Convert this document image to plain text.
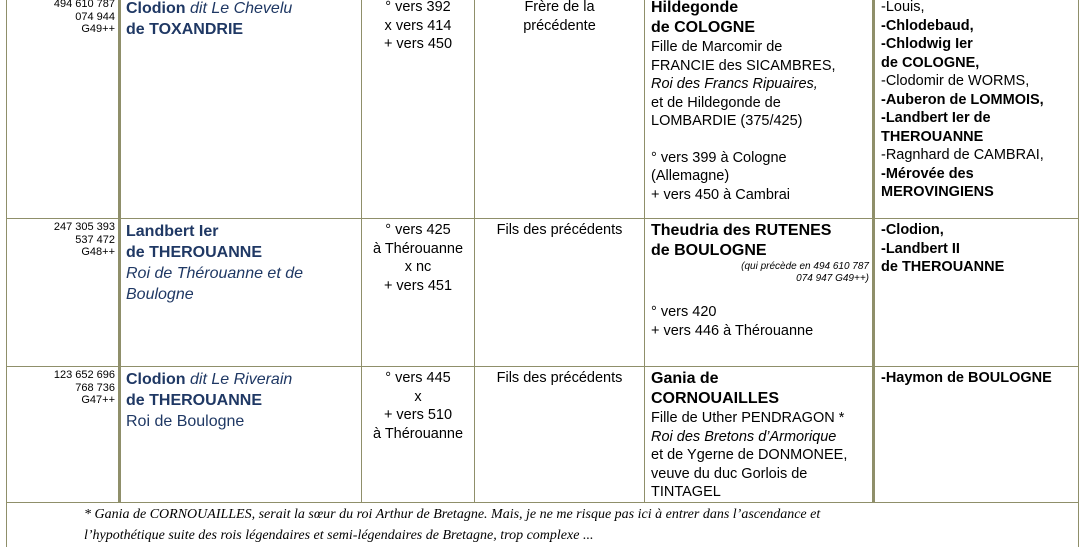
494 610 787
074 944
G49++
Clodion dit Le Chevelu
de TOXANDRIE
° vers 392
x vers 414
+ vers 450
Frère de la
précédente
Hildegonde
de COLOGNE
Fille de Marcomir de
FRANCIE des SICAMBRES,
Roi des Francs Ripuaires,
et de Hildegonde de
LOMBARDIE (375/425)
° vers 399 à Cologne
(Allemagne)
+ vers 450 à Cambrai
-Louis,
-Chlodebaud,
-Chlodwig Ier
de COLOGNE,
-Clodomir de WORMS,
-Auberon de LOMMOIS,
-Landbert Ier de
THEROUANNE
-Ragnhard de CAMBRAI,
-Mérovée des
MEROVINGIENS
247 305 393
537 472
G48++
Landbert Ier
de THEROUANNE
Roi de Thérouanne et de
Boulogne
° vers 425
à Thérouanne
x nc
+ vers 451
Fils des précédents	Theudria des RUTENES
de BOULOGNE
(qui précède en 494 610 787
074 947 G49++)
° vers 420
+ vers 446 à Thérouanne
-Clodion,
-Landbert II
de THEROUANNE
123 652 696
768 736
G47++
Clodion dit Le Riverain
de THEROUANNE
Roi de Boulogne
° vers 445
x
+ vers 510
à Thérouanne
Fils des précédents	Gania de
CORNOUAILLES
Fille de Uther PENDRAGON *
Roi des Bretons d’Armorique
et de Ygerne de DONMONEE,
veuve du duc Gorlois de
TINTAGEL
-Haymon de BOULOGNE
* Gania de CORNOUAILLES, serait la sœur du roi Arthur de Bretagne. Mais, je ne me risque pas ici à entrer dans l’ascendance et
l’hypothétique suite des rois légendaires et semi-légendaires de Bretagne, trop complexe ...
